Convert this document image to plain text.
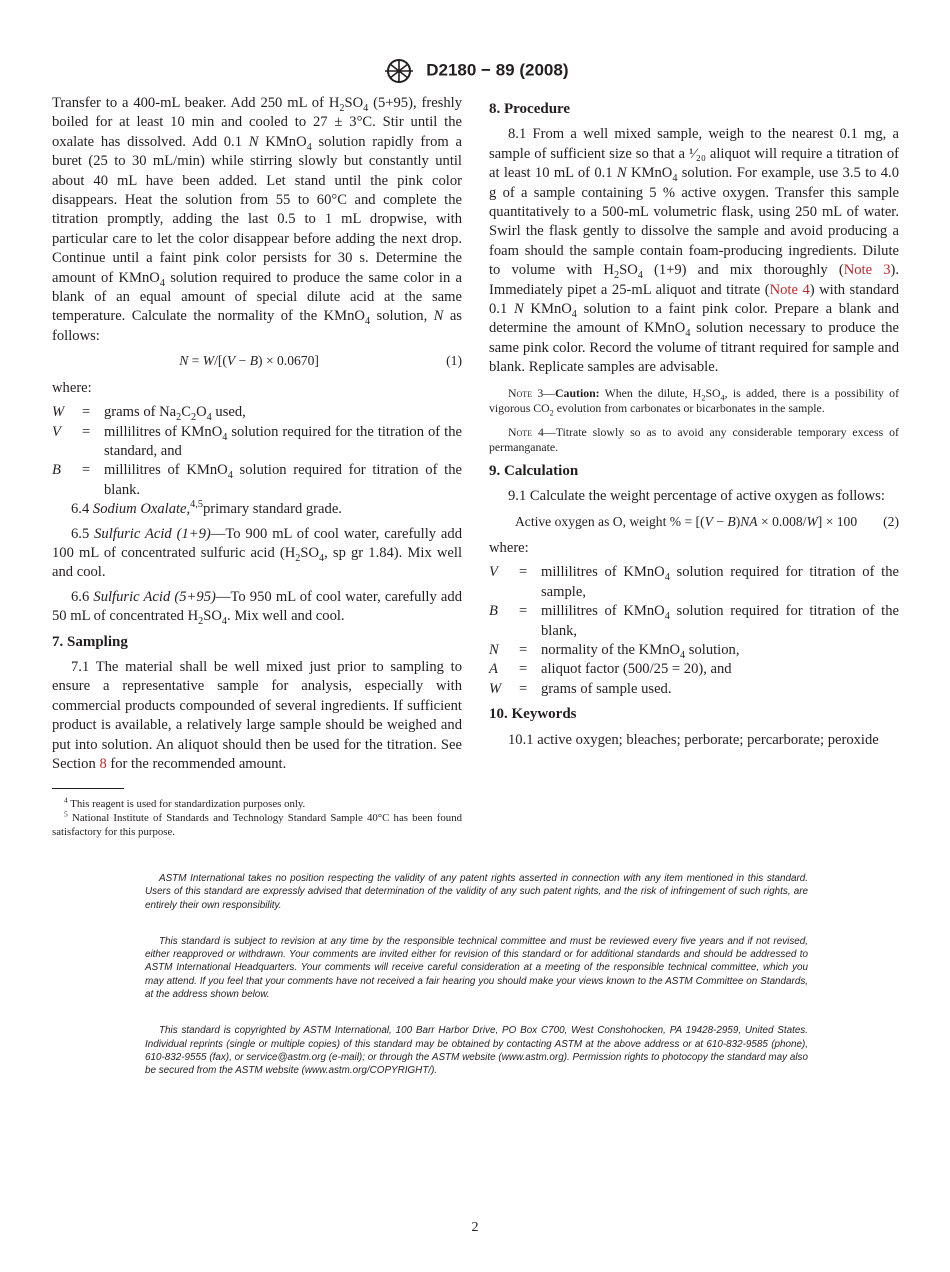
D2180 − 89 (2008)

Transfer to a 400-mL beaker. Add 250 mL of $H_2SO_4$ (5+95), freshly boiled for at least 10 min and cooled to 27 ± 3°C. Stir until the oxalate has dissolved. Add 0.1 N KMnO$_4$ solution rapidly from a buret (25 to 30 mL/min) while stirring slowly but constantly until about 40 mL have been added. Let stand until the pink color disappears. Heat the solution from 55 to 60°C and complete the titration promptly, adding the last 0.5 to 1 mL dropwise, with particular care to let the color disappear before adding the next drop. Continue until a faint pink color persists for 30 s. Determine the amount of KMnO$_4$ solution required to produce the same color in a blank of an equal amount of special dilute acid at the same temperature. Calculate the normality of the KMnO$_4$ solution, N as follows:

N = W/[(V − B) × 0.0670]	(1)

where:

W	= grams of $Na_2C_2O_4$ used,
V	= millilitres of KMnO$_4$ solution required for the titration of the standard, and
B	= millilitres of KMnO$_4$ solution required for titration of the blank.

6.4 Sodium Oxalate,$^{4,5}$primary standard grade.

6.5 Sulfuric Acid (1+9)—To 900 mL of cool water, carefully add 100 mL of concentrated sulfuric acid ($H_2SO_4$, sp gr 1.84). Mix well and cool.

6.6 Sulfuric Acid (5+95)—To 950 mL of cool water, carefully add 50 mL of concentrated $H_2SO_4$. Mix well and cool.

7. Sampling

7.1 The material shall be well mixed just prior to sampling to ensure a representative sample for analysis, especially with commercial products compounded of several ingredients. If sufficient product is available, a relatively large sample should be weighed and put into solution. An aliquot should then be used for the titration. See Section 8 for the recommended amount.

$^4$ This reagent is used for standardization purposes only.

$^5$ National Institute of Standards and Technology Standard Sample 40°C has been found satisfactory for this purpose.

8. Procedure

8.1 From a well mixed sample, weigh to the nearest 0.1 mg, a sample of sufficient size so that a ¹⁄₂₀ aliquot will require a titration of at least 10 mL of 0.1 N KMnO$_4$ solution. For example, use 3.5 to 4.0 g of a sample containing 5 % active oxygen. Transfer this sample quantitatively to a 500-mL volumetric flask, using 250 mL of water. Swirl the flask gently to dissolve the sample and avoid producing a foam should the sample contain foam-producing ingredients. Dilute to volume with $H_2SO_4$ (1+9) and mix thoroughly (Note 3). Immediately pipet a 25-mL aliquot and titrate (Note 4) with standard 0.1 N KMnO$_4$ solution to a faint pink color. Prepare a blank and determine the amount of KMnO$_4$ solution necessary to produce the same pink color. Record the volume of titrant required for sample and blank. Replicate samples are advisable.

Note 3—Caution: When the dilute, $H_2SO_4$, is added, there is a possibility of vigorous $CO_2$ evolution from carbonates or bicarbonates in the sample.

Note 4—Titrate slowly so as to avoid any considerable temporary excess of permanganate.

9. Calculation

9.1 Calculate the weight percentage of active oxygen as follows:

Active oxygen as O, weight % = [(V − B)NA × 0.008/W] × 100	(2)

where:

V	= millilitres of KMnO$_4$ solution required for titration of the sample,
B	= millilitres of KMnO$_4$ solution required for titration of the blank,
N	= normality of the KMnO$_4$ solution,
A	= aliquot factor (500/25 = 20), and
W	= grams of sample used.
10. Keywords

10.1 active oxygen; bleaches; perborate; percarborate; peroxide

ASTM International takes no position respecting the validity of any patent rights asserted in connection with any item mentioned in this standard. Users of this standard are expressly advised that determination of the validity of any such patent rights, and the risk of infringement of such rights, are entirely their own responsibility.

This standard is subject to revision at any time by the responsible technical committee and must be reviewed every five years and if not revised, either reapproved or withdrawn. Your comments are invited either for revision of this standard or for additional standards and should be addressed to ASTM International Headquarters. Your comments will receive careful consideration at a meeting of the responsible technical committee, which you may attend. If you feel that your comments have not received a fair hearing you should make your views known to the ASTM Committee on Standards, at the address shown below.

This standard is copyrighted by ASTM International, 100 Barr Harbor Drive, PO Box C700, West Conshohocken, PA 19428-2959, United States. Individual reprints (single or multiple copies) of this standard may be obtained by contacting ASTM at the above address or at 610-832-9585 (phone), 610-832-9555 (fax), or service@astm.org (e-mail); or through the ASTM website (www.astm.org). Permission rights to photocopy the standard may also be secured from the ASTM website (www.astm.org/COPYRIGHT/).

2
